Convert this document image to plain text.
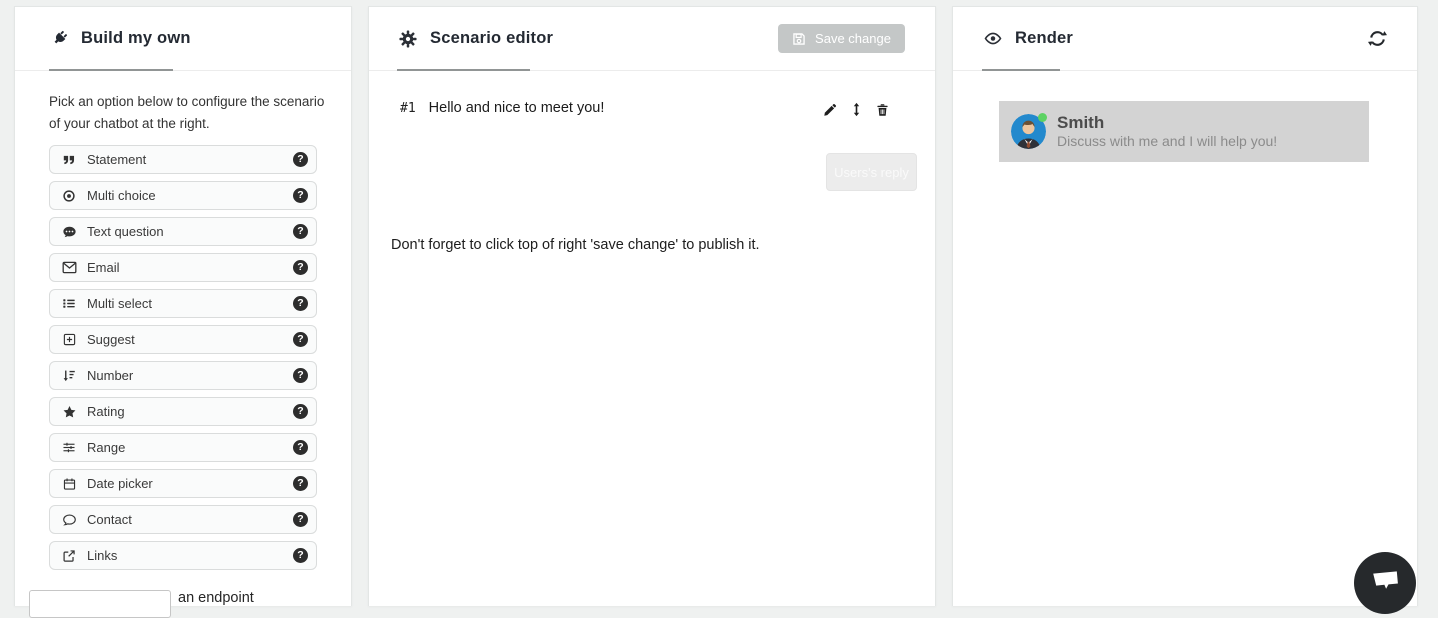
Build my own

Pick an option below to configure the scenario of your chatbot at the right.

Statement	?
Multi choice	?
Text question	?
Email	?
Multi select	?
Suggest	?
Number	?
Rating	?
Range	?
Date picker	?
Contact	?
Links	?
an endpoint
Scenario editor	Save change
#1 Hello and nice to meet you!
Users's reply

Don't forget to click top of right 'save change' to publish it.

Render
Smith
Discuss with me and I will help you!
